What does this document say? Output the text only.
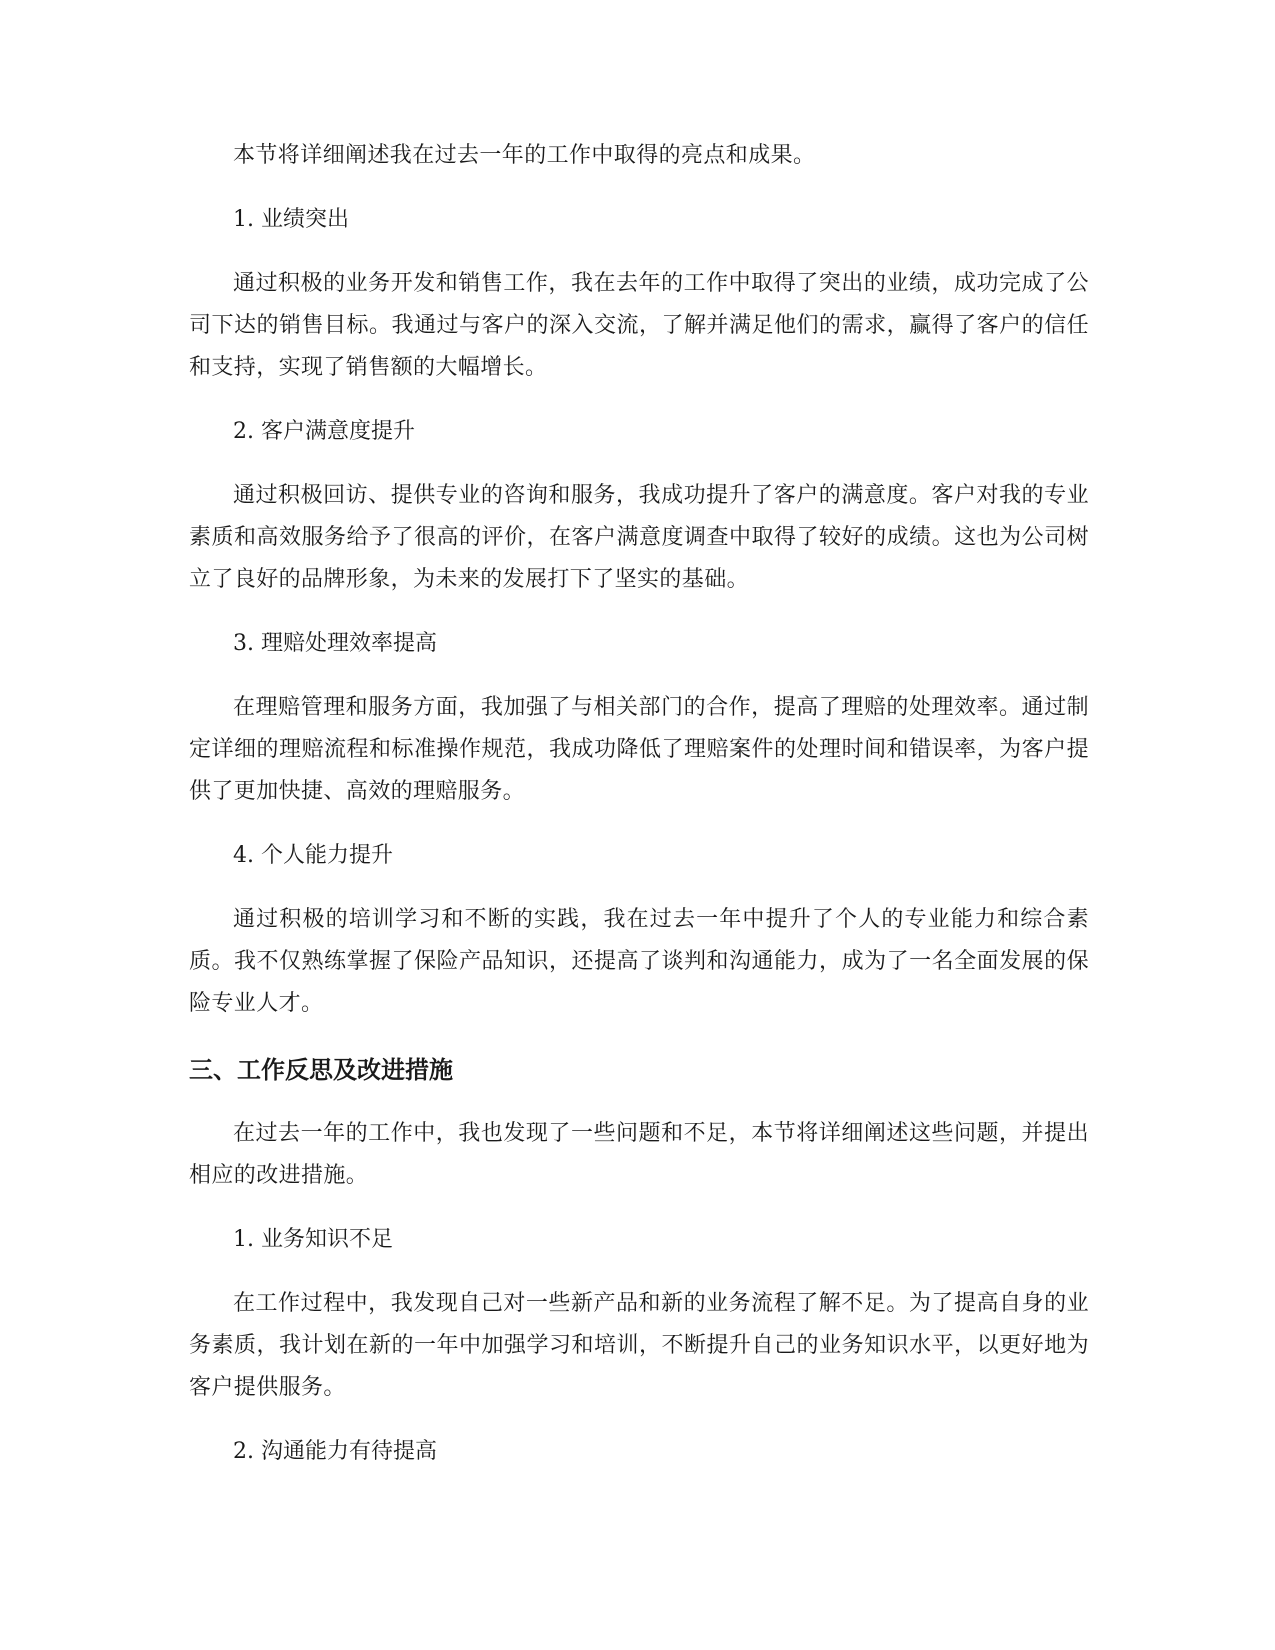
本节将详细阐述我在过去一年的工作中取得的亮点和成果。

1. 业绩突出

通过积极的业务开发和销售工作，我在去年的工作中取得了突出的业绩，成功完成了公司下达的销售目标。我通过与客户的深入交流，了解并满足他们的需求，赢得了客户的信任和支持，实现了销售额的大幅增长。

2. 客户满意度提升

通过积极回访、提供专业的咨询和服务，我成功提升了客户的满意度。客户对我的专业素质和高效服务给予了很高的评价，在客户满意度调查中取得了较好的成绩。这也为公司树立了良好的品牌形象，为未来的发展打下了坚实的基础。

3. 理赔处理效率提高

在理赔管理和服务方面，我加强了与相关部门的合作，提高了理赔的处理效率。通过制定详细的理赔流程和标准操作规范，我成功降低了理赔案件的处理时间和错误率，为客户提供了更加快捷、高效的理赔服务。

4. 个人能力提升

通过积极的培训学习和不断的实践，我在过去一年中提升了个人的专业能力和综合素质。我不仅熟练掌握了保险产品知识，还提高了谈判和沟通能力，成为了一名全面发展的保险专业人才。

三、工作反思及改进措施

在过去一年的工作中，我也发现了一些问题和不足，本节将详细阐述这些问题，并提出相应的改进措施。

1. 业务知识不足

在工作过程中，我发现自己对一些新产品和新的业务流程了解不足。为了提高自身的业务素质，我计划在新的一年中加强学习和培训，不断提升自己的业务知识水平，以更好地为客户提供服务。

2. 沟通能力有待提高
